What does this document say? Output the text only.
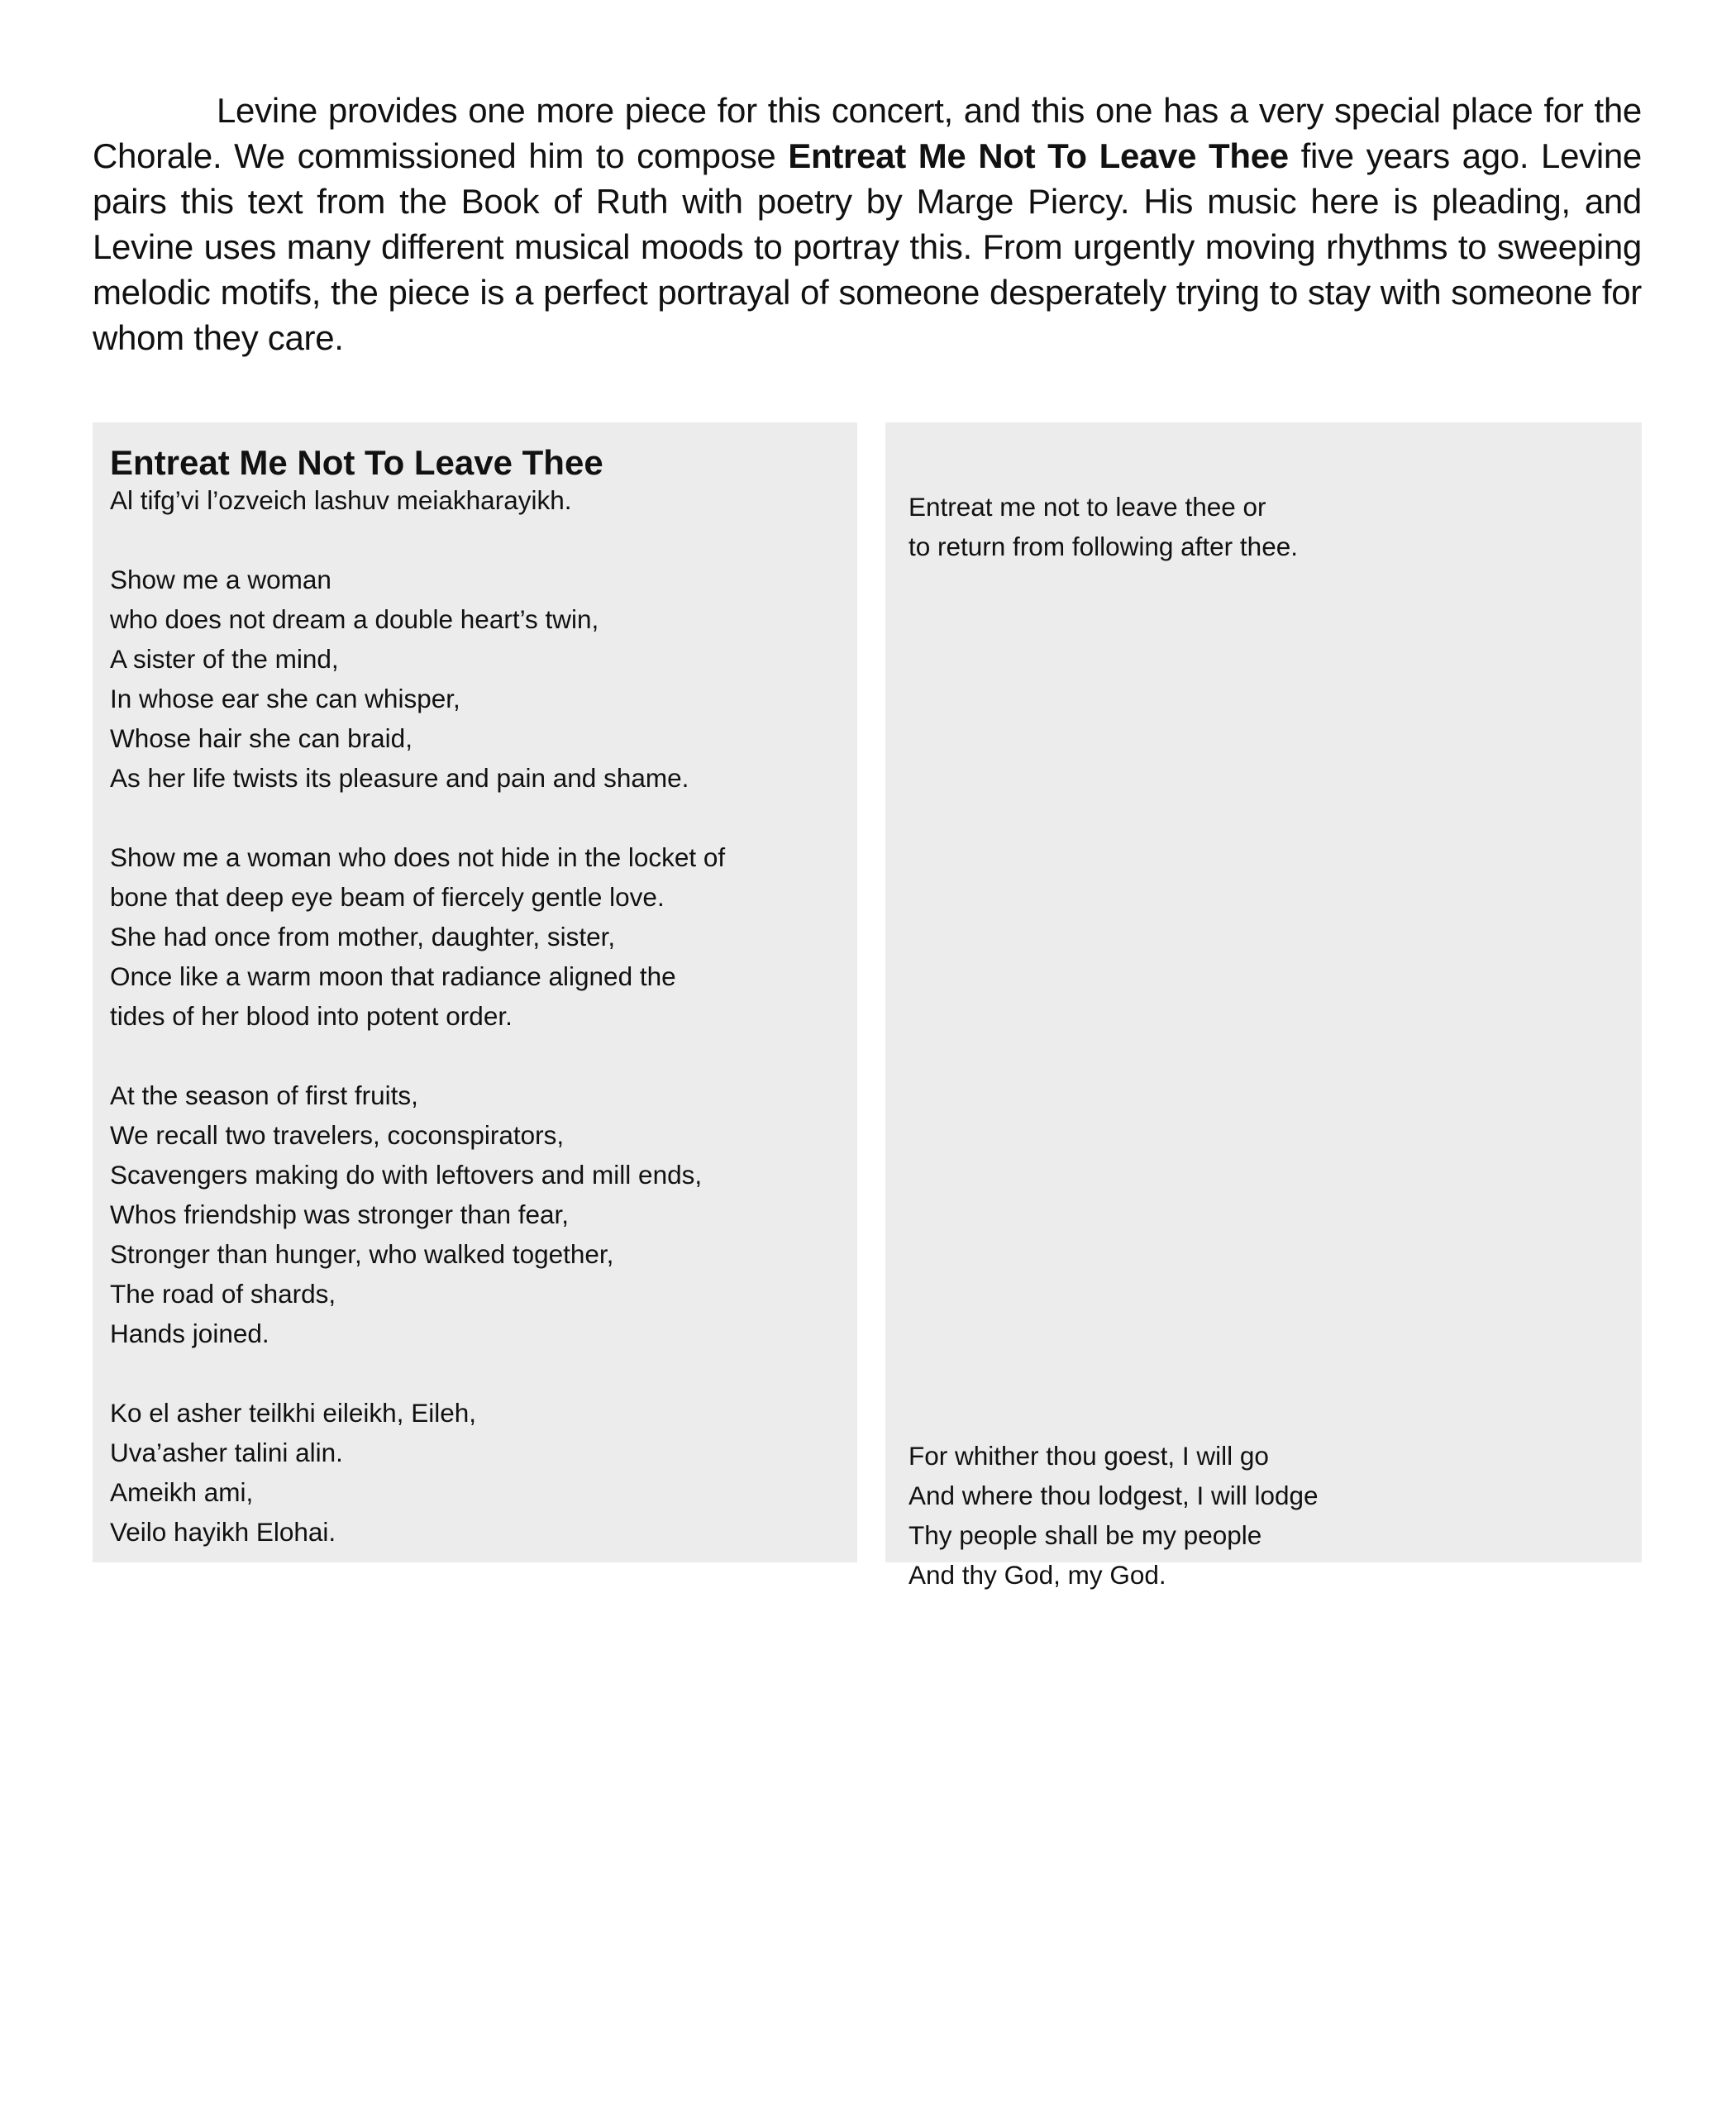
Levine provides one more piece for this concert, and this one has a very special place for the Chorale. We commissioned him to compose Entreat Me Not To Leave Thee five years ago. Levine pairs this text from the Book of Ruth with poetry by Marge Piercy. His music here is pleading, and Levine uses many different musical moods to portray this. From urgently moving rhythms to sweeping melodic motifs, the piece is a perfect portrayal of someone desperately trying to stay with someone for whom they care.

Entreat Me Not To Leave Thee
Al tifg’vi l’ozveich lashuv meiakharayikh.
Show me a woman
who does not dream a double heart’s twin,
A sister of the mind,
In whose ear she can whisper,
Whose hair she can braid,
As her life twists its pleasure and pain and shame.
Show me a woman who does not hide in the locket of
bone that deep eye beam of fiercely gentle love.
She had once from mother, daughter, sister,
Once like a warm moon that radiance aligned the
tides of her blood into potent order.
At the season of first fruits,
We recall two travelers, coconspirators,
Scavengers making do with leftovers and mill ends,
Whos friendship was stronger than fear,
Stronger than hunger, who walked together,
The road of shards,
Hands joined.
Ko el asher teilkhi eileikh, Eileh,
Uva’asher talini alin.
Ameikh ami,
Veilo hayikh Elohai.
Entreat me not to leave thee or
to return from following after thee.
For whither thou goest, I will go
And where thou lodgest, I will lodge
Thy people shall be my people
And thy God, my God.
